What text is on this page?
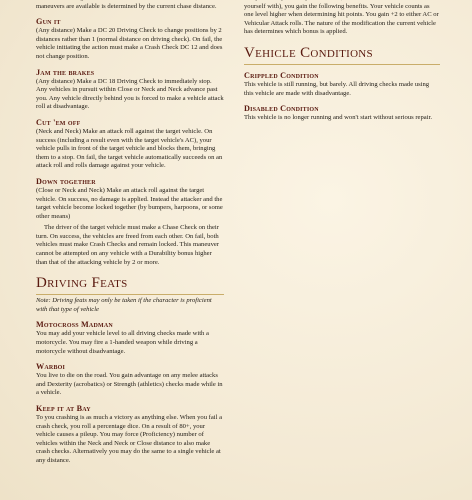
maneuvers are available is determined by the current chase distance.

Gun it

(Any distance) Make a DC 20 Driving Check to change positions by 2 distances rather than 1 (normal distance on driving check). On fail, the vehicle initiating the action must make a Crash Check DC 12 and does not change position.

Jam the brakes

(Any distance) Make a DC 18 Driving Check to immediately stop. Any vehicles in pursuit within Close or Neck and Neck advance past you. Any vehicle directly behind you is forced to make a vehicle attack roll at disadvantage.

Cut 'em off

(Neck and Neck) Make an attack roll against the target vehicle. On success (including a result even with the target vehicle's AC), your vehicle pulls in front of the target vehicle and blocks them, bringing them to a stop. On fail, the target vehicle automatically succeeds on an attack roll and rolls damage against your vehicle.

Down together

(Close or Neck and Neck) Make an attack roll against the target vehicle. On success, no damage is applied. Instead the attacker and the target vehicle become locked together (by bumpers, harpoons, or some other means)

The driver of the target vehicle must make a Chase Check on their turn. On success, the vehicles are freed from each other. On fail, both vehicles must make Crash Checks and remain locked. This maneuver cannot be attempted on any vehicle with a Durability bonus higher than that of the attacking vehicle by 2 or more.

Driving Feats

Note: Driving feats may only be taken if the character is proficient with that type of vehicle

Motocross Madman

You may add your vehicle level to all driving checks made with a motorcycle. You may fire a 1-handed weapon while driving a motorcycle without disadvantage.

Warboi

You live to die on the road. You gain advantage on any melee attacks and Dexterity (acrobatics) or Strength (athletics) checks made while in a vehicle.

Keep it at Bay

To you crashing is as much a victory as anything else. When you fail a crash check, you roll a percentage dice. On a result of 80+, your vehicle causes a pileup. You may force (Proficiency) number of vehicles within the Neck and Neck or Close distance to also make crash checks. Alternatively you may do the same to a single vehicle at any distance.

yourself with), you gain the following benefits. Your vehicle counts as one level higher when determining hit points. You gain +2 to either AC or Vehicular Attack rolls. The nature of the modification the current vehicle has determines which bonus is applied.

Vehicle Conditions
Crippled Condition

This vehicle is still running, but barely. All driving checks made using this vehicle are made with disadvantage.

Disabled Condition

This vehicle is no longer running and won't start without serious repair.
